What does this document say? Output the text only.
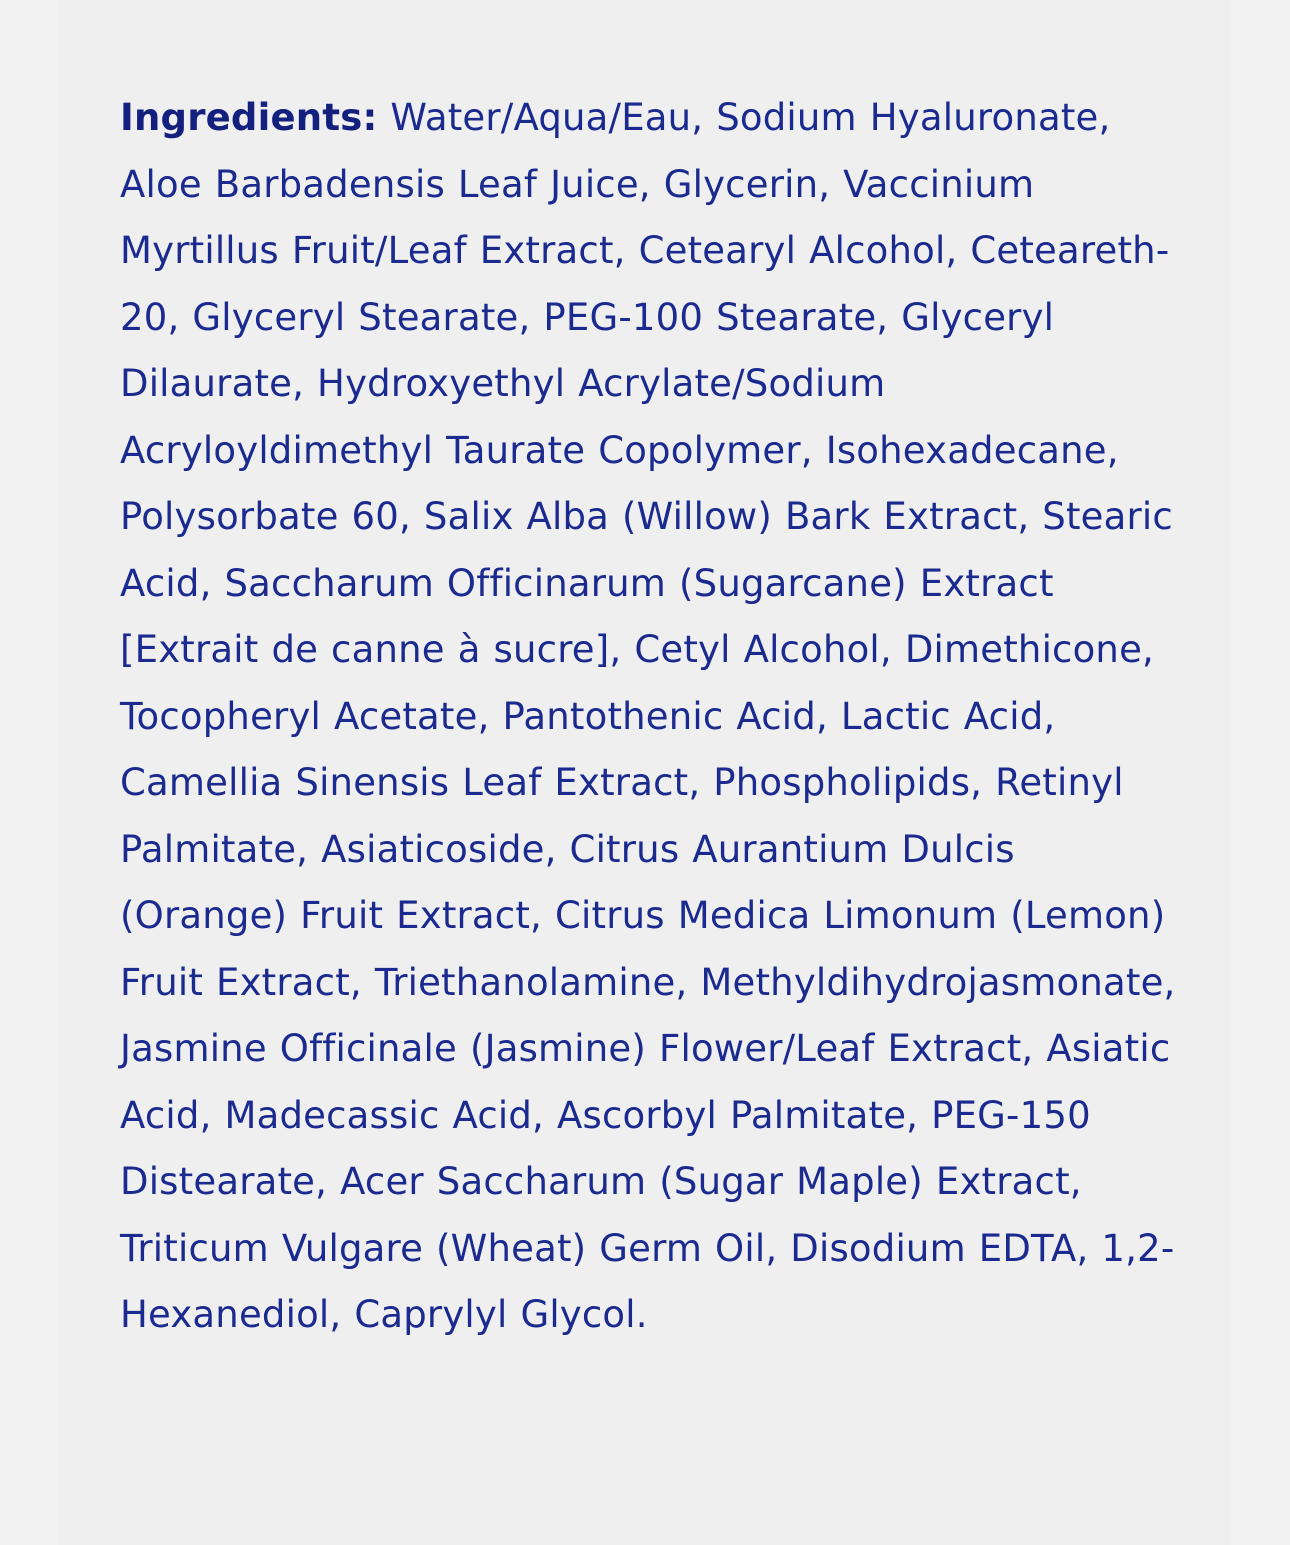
Ingredients: Water/Aqua/Eau, Sodium Hyaluronate, Aloe Barbadensis Leaf Juice, Glycerin, Vaccinium Myrtillus Fruit/Leaf Extract, Cetearyl Alcohol, Ceteareth-20, Glyceryl Stearate, PEG-100 Stearate, Glyceryl Dilaurate, Hydroxyethyl Acrylate/Sodium Acryloyldimethyl Taurate Copolymer, Isohexadecane, Polysorbate 60, Salix Alba (Willow) Bark Extract, Stearic Acid, Saccharum Officinarum (Sugarcane) Extract [Extrait de canne à sucre], Cetyl Alcohol, Dimethicone, Tocopheryl Acetate, Pantothenic Acid, Lactic Acid, Camellia Sinensis Leaf Extract, Phospholipids, Retinyl Palmitate, Asiaticoside, Citrus Aurantium Dulcis (Orange) Fruit Extract, Citrus Medica Limonum (Lemon) Fruit Extract, Triethanolamine, Methyldihydrojasmonate, Jasmine Officinale (Jasmine) Flower/Leaf Extract, Asiatic Acid, Madecassic Acid, Ascorbyl Palmitate, PEG-150 Distearate, Acer Saccharum (Sugar Maple) Extract, Triticum Vulgare (Wheat) Germ Oil, Disodium EDTA, 1,2-Hexanediol, Caprylyl Glycol.
